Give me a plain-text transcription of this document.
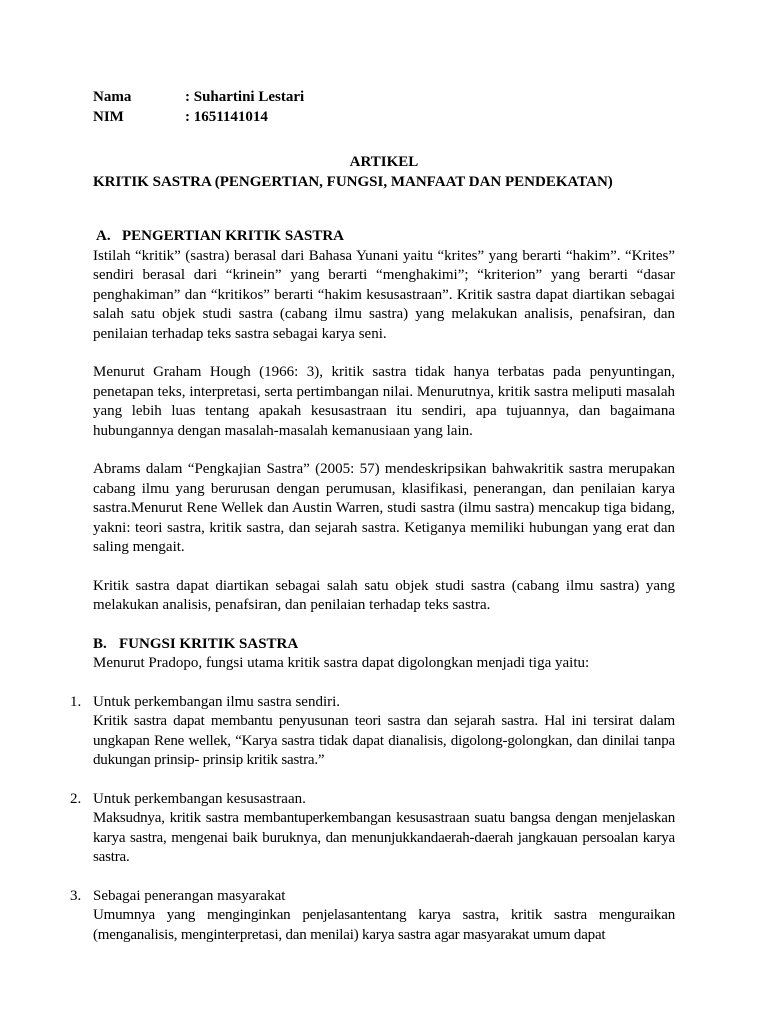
Nama	: Suhartini Lestari
NIM	: 1651141014
ARTIKEL
KRITIK SASTRA (PENGERTIAN, FUNGSI, MANFAAT DAN PENDEKATAN)
A. PENGERTIAN KRITIK SASTRA

Istilah “kritik” (sastra) berasal dari Bahasa Yunani yaitu “krites” yang berarti “hakim”. “Krites” sendiri berasal dari “krinein” yang berarti “menghakimi”; “kriterion” yang berarti “dasar penghakiman” dan “kritikos” berarti “hakim kesusastraan”. Kritik sastra dapat diartikan sebagai salah satu objek studi sastra (cabang ilmu sastra) yang melakukan analisis, penafsiran, dan penilaian terhadap teks sastra sebagai karya seni.

Menurut Graham Hough (1966: 3), kritik sastra tidak hanya terbatas pada penyuntingan, penetapan teks, interpretasi, serta pertimbangan nilai. Menurutnya, kritik sastra meliputi masalah yang lebih luas tentang apakah kesusastraan itu sendiri, apa tujuannya, dan bagaimana hubungannya dengan masalah-masalah kemanusiaan yang lain.

Abrams dalam “Pengkajian Sastra” (2005: 57) mendeskripsikan bahwakritik sastra merupakan cabang ilmu yang berurusan dengan perumusan, klasifikasi, penerangan, dan penilaian karya sastra.Menurut Rene Wellek dan Austin Warren, studi sastra (ilmu sastra) mencakup tiga bidang, yakni: teori sastra, kritik sastra, dan sejarah sastra. Ketiganya memiliki hubungan yang erat dan saling mengait.

Kritik sastra dapat diartikan sebagai salah satu objek studi sastra (cabang ilmu sastra) yang melakukan analisis, penafsiran, dan penilaian terhadap teks sastra.

B. FUNGSI KRITIK SASTRA

Menurut Pradopo, fungsi utama kritik sastra dapat digolongkan menjadi tiga yaitu:

1. Untuk perkembangan ilmu sastra sendiri.

Kritik sastra dapat membantu penyusunan teori sastra dan sejarah sastra. Hal ini tersirat dalam ungkapan Rene wellek, “Karya sastra tidak dapat dianalisis, digolong-golongkan, dan dinilai tanpa dukungan prinsip- prinsip kritik sastra.”

2. Untuk perkembangan kesusastraan.

Maksudnya, kritik sastra membantuperkembangan kesusastraan suatu bangsa dengan menjelaskan karya sastra, mengenai baik buruknya, dan menunjukkandaerah-daerah jangkauan persoalan karya sastra.

3. Sebagai penerangan masyarakat

Umumnya yang menginginkan penjelasantentang karya sastra, kritik sastra menguraikan (menganalisis, menginterpretasi, dan menilai) karya sastra agar masyarakat umum dapat
